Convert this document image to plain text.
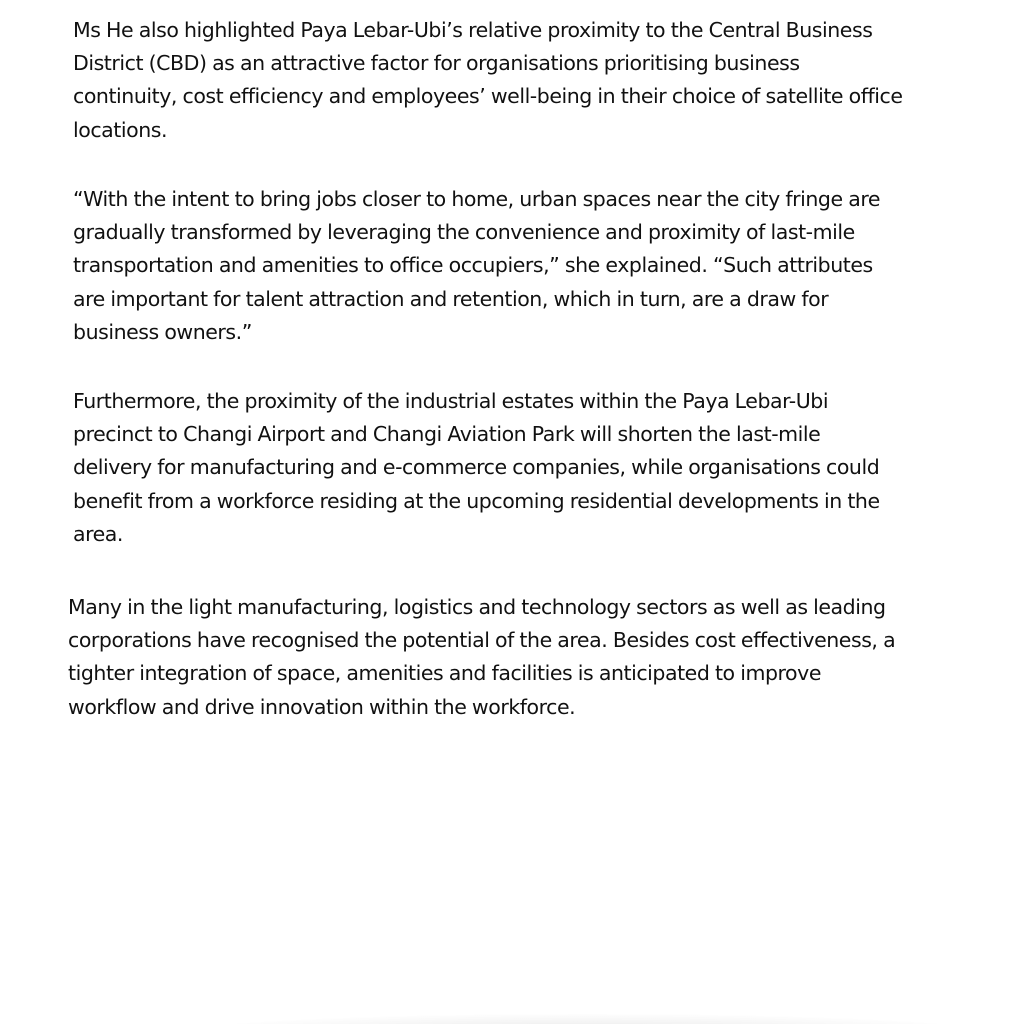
Ms He also highlighted Paya Lebar-Ubi’s relative proximity to the Central Business
District (CBD) as an attractive factor for organisations prioritising business
continuity, cost efficiency and employees’ well-being in their choice of satellite office
locations.

“With the intent to bring jobs closer to home, urban spaces near the city fringe are
gradually transformed by leveraging the convenience and proximity of last-mile
transportation and amenities to office occupiers,” she explained. “Such attributes
are important for talent attraction and retention, which in turn, are a draw for
business owners.”

Furthermore, the proximity of the industrial estates within the Paya Lebar-Ubi
precinct to Changi Airport and Changi Aviation Park will shorten the last-mile
delivery for manufacturing and e-commerce companies, while organisations could
benefit from a workforce residing at the upcoming residential developments in the
area.

Many in the light manufacturing, logistics and technology sectors as well as leading
corporations have recognised the potential of the area. Besides cost effectiveness, a
tighter integration of space, amenities and facilities is anticipated to improve
workflow and drive innovation within the workforce.
